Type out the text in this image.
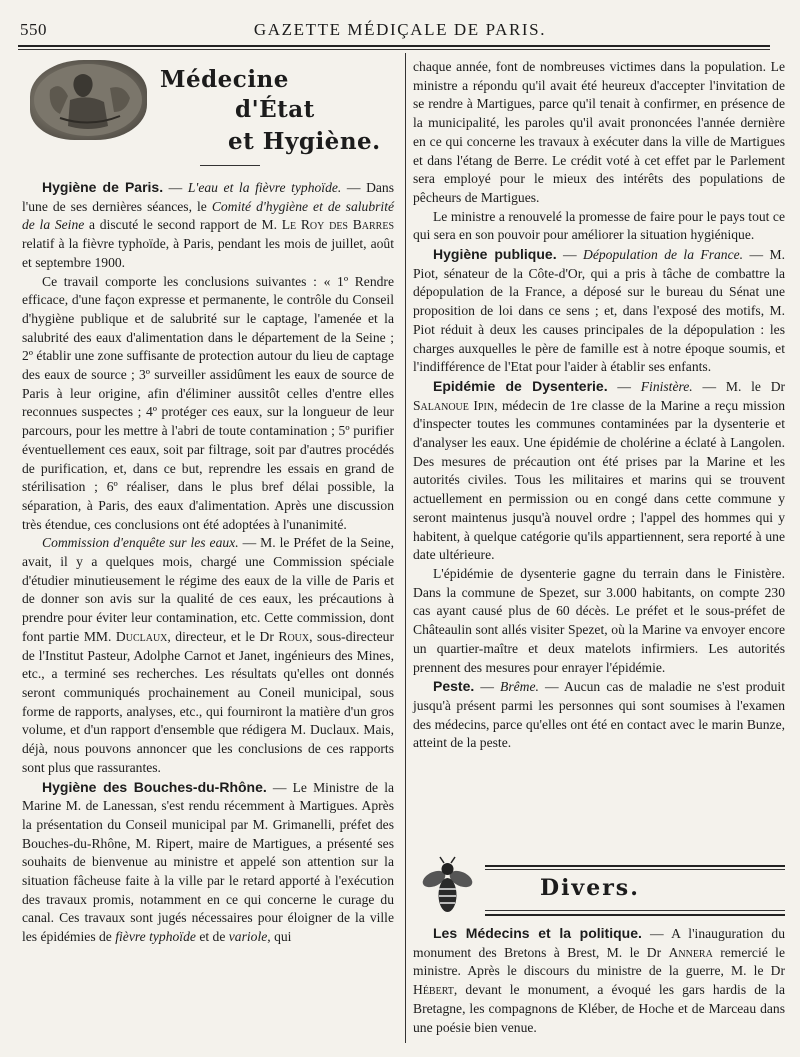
550	GAZETTE MÉDIÇALE DE PARIS.
Médecine
d'État
et Hygiène.

Hygiène de Paris. — L'eau et la fièvre typhoïde. — Dans l'une de ses dernières séances, le Comité d'hygiène et de salubrité de la Seine a discuté le second rapport de M. Le Roy des Barres relatif à la fièvre typhoïde, à Paris, pendant les mois de juillet, août et septembre 1900.

Ce travail comporte les conclusions suivantes : « 1º Rendre efficace, d'une façon expresse et permanente, le contrôle du Conseil d'hygiène publique et de salubrité sur le captage, l'amenée et la salubrité des eaux d'alimentation dans le département de la Seine ; 2º établir une zone suffisante de protection autour du lieu de captage des eaux de source ; 3º surveiller assidûment les eaux de source de Paris à leur origine, afin d'éliminer aussitôt celles d'entre elles reconnues suspectes ; 4º protéger ces eaux, sur la longueur de leur parcours, pour les mettre à l'abri de toute contamination ; 5º purifier éventuellement ces eaux, soit par filtrage, soit par d'autres procédés de purification, et, dans ce but, reprendre les essais en grand de stérilisation ; 6º réaliser, dans le plus bref délai possible, la séparation, à Paris, des eaux d'alimentation. Après une discussion très étendue, ces conclusions ont été adoptées à l'unanimité.

Commission d'enquête sur les eaux. — M. le Préfet de la Seine, avait, il y a quelques mois, chargé une Commission spéciale d'étudier minutieusement le régime des eaux de la ville de Paris et de donner son avis sur la qualité de ces eaux, les précautions à prendre pour éviter leur contamination, etc. Cette commission, dont font partie MM. Duclaux, directeur, et le Dr Roux, sous-directeur de l'Institut Pasteur, Adolphe Carnot et Janet, ingénieurs des Mines, etc., a terminé ses recherches. Les résultats qu'elles ont donnés seront communiqués prochainement au Coneil municipal, sous forme de rapports, analyses, etc., qui fourniront la matière d'un gros volume, et d'un rapport d'ensemble que rédigera M. Duclaux. Mais, déjà, nous pouvons annoncer que les conclusions de ces rapports sont plus que rassurantes.

Hygiène des Bouches-du-Rhône. — Le Ministre de la Marine M. de Lanessan, s'est rendu récemment à Martigues. Après la présentation du Conseil municipal par M. Grimanelli, préfet des Bouches-du-Rhône, M. Ripert, maire de Martigues, a présenté ses souhaits de bienvenue au ministre et appelé son attention sur la situation fâcheuse faite à la ville par le retard apporté à l'exécution des travaux promis, notamment en ce qui concerne le curage du canal. Ces travaux sont jugés nécessaires pour éloigner de la ville les épidémies de fièvre typhoïde et de variole, qui

chaque année, font de nombreuses victimes dans la population. Le ministre a répondu qu'il avait été heureux d'accepter l'invitation de se rendre à Martigues, parce qu'il tenait à confirmer, en présence de la municipalité, les paroles qu'il avait prononcées l'année dernière en ce qui concerne les travaux à exécuter dans la ville de Martigues et dans l'étang de Berre. Le crédit voté à cet effet par le Parlement sera employé pour le mieux des intérêts des populations de pêcheurs de Martigues.

Le ministre a renouvelé la promesse de faire pour le pays tout ce qui sera en son pouvoir pour améliorer la situation hygiénique.

Hygiène publique. — Dépopulation de la France. — M. Piot, sénateur de la Côte-d'Or, qui a pris à tâche de combattre la dépopulation de la France, a déposé sur le bureau du Sénat une proposition de loi dans ce sens ; et, dans l'exposé des motifs, M. Piot réduit à deux les causes principales de la dépopulation : les charges auxquelles le père de famille est à notre époque soumis, et l'indifférence de l'Etat pour l'aider à établir ses enfants.

Epidémie de Dysenterie. — Finistère. — M. le Dr Salanoue Ipin, médecin de 1re classe de la Marine a reçu mission d'inspecter toutes les communes contaminées par la dysenterie et d'analyser les eaux. Une épidémie de cholérine a éclaté à Langolen. Des mesures de précaution ont été prises par la Marine et les autorités civiles. Tous les militaires et marins qui se trouvent actuellement en permission ou en congé dans cette commune y seront maintenus jusqu'à nouvel ordre ; l'appel des hommes qui y habitent, à quelque catégorie qu'ils appartiennent, sera reporté à une date ultérieure.

L'épidémie de dysenterie gagne du terrain dans le Finistère. Dans la commune de Spezet, sur 3.000 habitants, on compte 230 cas ayant causé plus de 60 décès. Le préfet et le sous-préfet de Châteaulin sont allés visiter Spezet, où la Marine va envoyer encore un quartier-maître et deux matelots infirmiers. Les autorités prennent des mesures pour enrayer l'épidémie.

Peste. — Brême. — Aucun cas de maladie ne s'est produit jusqu'à présent parmi les personnes qui sont soumises à l'examen des médecins, parce qu'elles ont été en contact avec le marin Bunze, atteint de la peste.

Divers.

Les Médecins et la politique. — A l'inauguration du monument des Bretons à Brest, M. le Dr Annera remercié le ministre. Après le discours du ministre de la guerre, M. le Dr Hébert, devant le monument, a évoqué les gars hardis de la Bretagne, les compagnons de Kléber, de Hoche et de Marceau dans une poésie bien venue.
